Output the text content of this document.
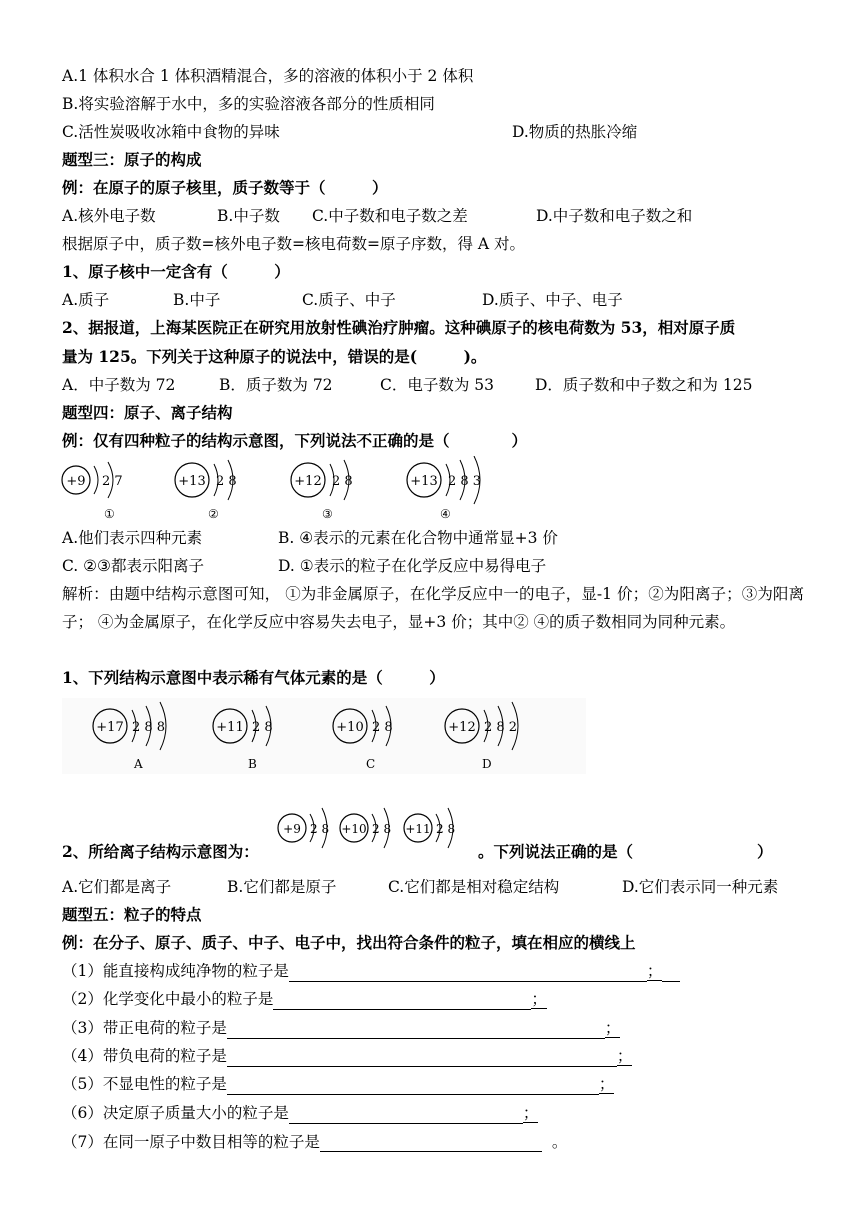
A.1 体积水合 1 体积酒精混合，多的溶液的体积小于 2 体积
B.将实验溶解于水中，多的实验溶液各部分的性质相同
C.活性炭吸收冰箱中食物的异味	D.物质的热胀冷缩
题型三：原子的构成
例：在原子的原子核里，质子数等于（　　　）
A.核外电子数	B.中子数 C.中子数和电子数之差	D.中子数和电子数之和
根据原子中，质子数=核外电子数=核电荷数=原子序数，得 A 对。
1、原子核中一定含有（　　　）
A.质子	B.中子	C.质子、中子	D.质子、中子、电子
2、据报道，上海某医院正在研究用放射性碘治疗肿瘤。这种碘原子的核电荷数为 53，相对原子质
量为 125。下列关于这种原子的说法中，错误的是(　　　)。
A．中子数为 72	B．质子数为 72	C．电子数为 53	D．质子数和中子数之和为 125
题型四：原子、离子结构
例：仅有四种粒子的结构示意图，下列说法不正确的是（　　　　）
+9 2 7
①
+13 2 8
②
+12 2 8
③
+13 2 8 3
④
A.他们表示四种元素	B. ④表示的元素在化合物中通常显+3 价
C. ②③都表示阳离子	D. ①表示的粒子在化学反应中易得电子
解析：由题中结构示意图可知， ①为非金属原子，在化学反应中一的电子，显-1 价；②为阳离子；③为阳离子； ④为金属原子，在化学反应中容易失去电子，显+3 价；其中② ④的质子数相同为同种元素。
1、下列结构示意图中表示稀有气体元素的是（　　　）
+17 2 8 8
A
+11 2 8
B
+10 2 8
C
+12 2 8 2
D
2、所给离子结构示意图为：
+9 2 8 +10 2 8 +11 2 8
。下列说法正确的是（　　　　　　　　）
A.它们都是离子	B.它们都是原子	C.它们都是相对稳定结构	D.它们表示同一种元素
题型五：粒子的特点
例：在分子、原子、质子、中子、电子中，找出符合条件的粒子，填在相应的横线上
（1）能直接构成纯净物的粒子是	；
（2）化学变化中最小的粒子是	；
（3）带正电荷的粒子是	；
（4）带负电荷的粒子是	；
（5）不显电性的粒子是	；
（6）决定原子质量大小的粒子是	；
（7）在同一原子中数目相等的粒子是	。
